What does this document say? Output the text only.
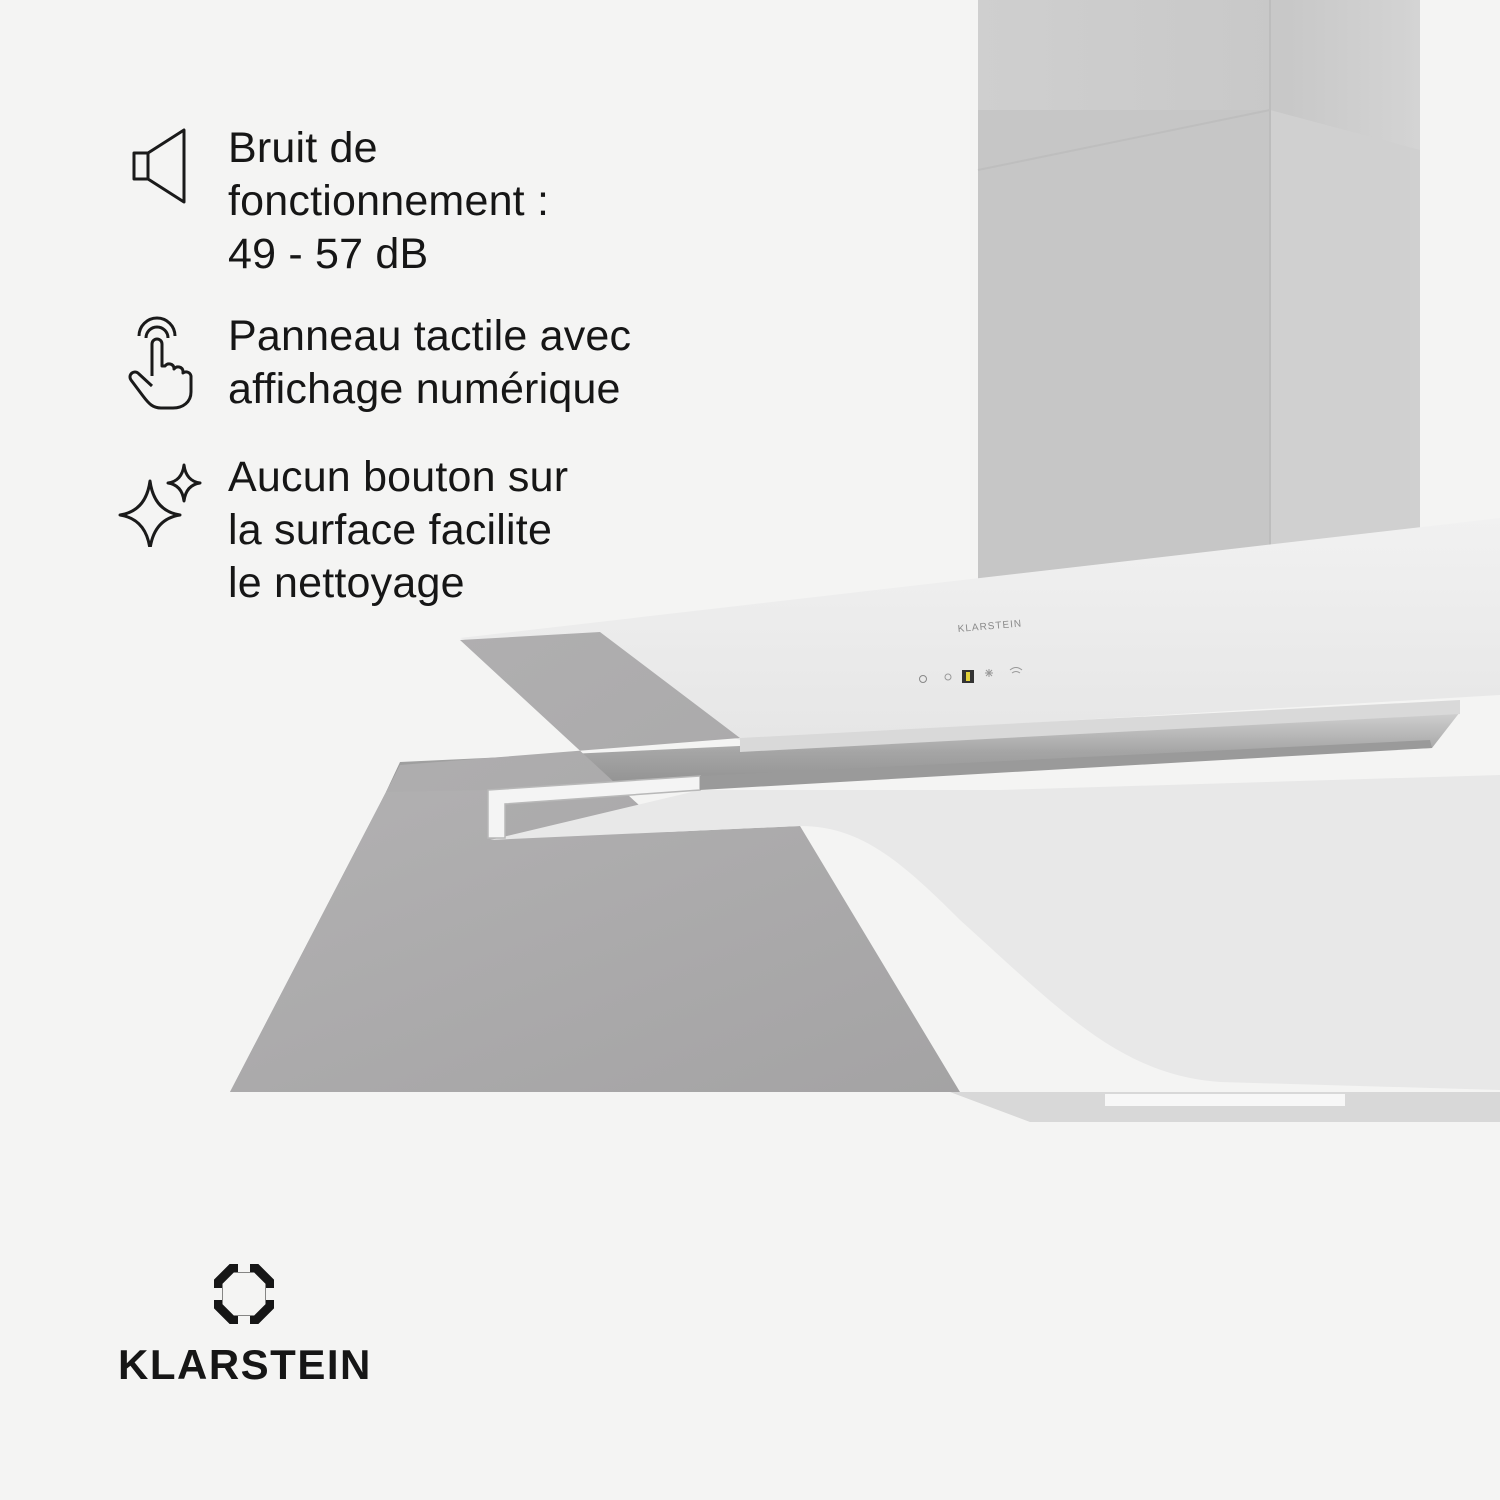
KLARSTEIN
Bruit de
fonctionnement :
49 - 57 dB
Panneau tactile avec
affichage numérique
Aucun bouton sur
la surface facilite
le nettoyage
KLARSTEIN
